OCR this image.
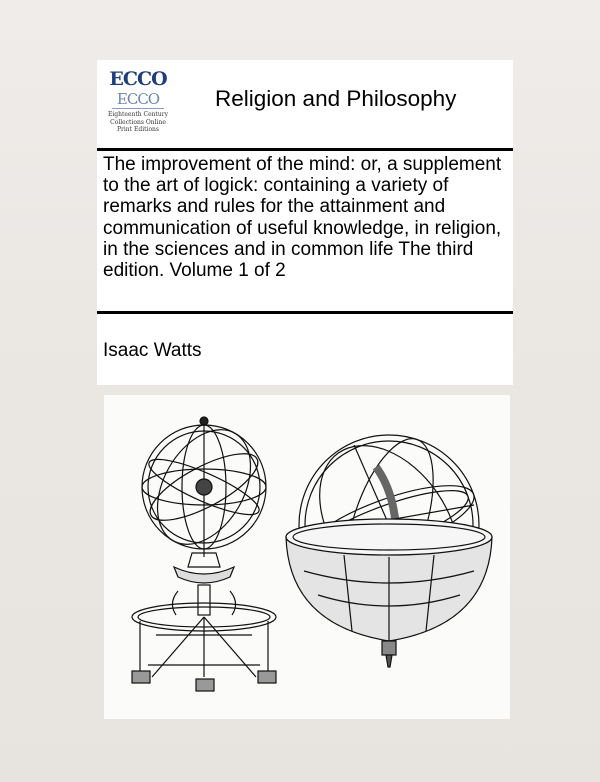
ECCO
ECCO
Eighteenth Century
Collections Online
Print Editions
Religion and Philosophy
The improvement of the mind: or, a supplement to the art of logick: containing a variety of remarks and rules for the attainment and communication of useful knowledge, in religion, in the sciences and in common life The third edition. Volume 1 of 2
Isaac Watts
